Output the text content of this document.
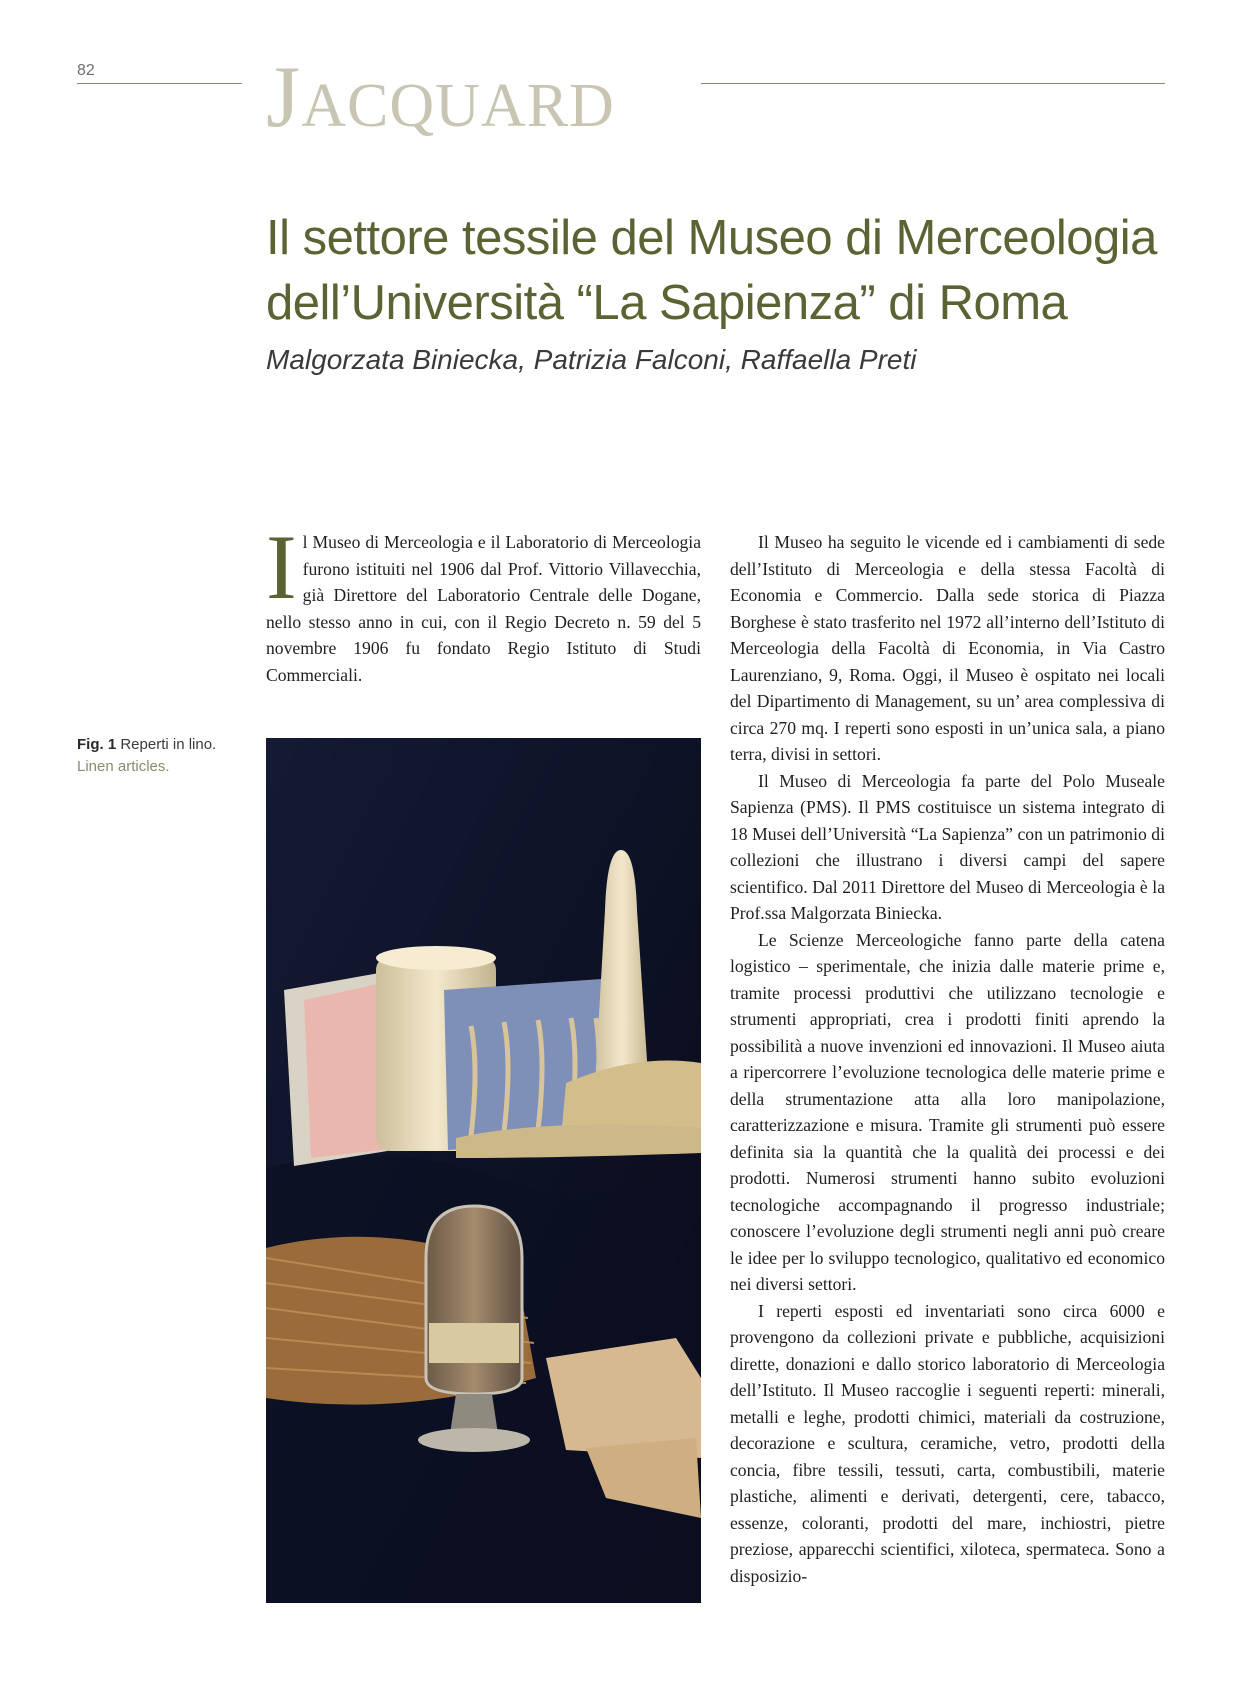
82 Jacquard
Il settore tessile del Museo di Merceologia
dell’Università “La Sapienza” di Roma

Malgorzata Biniecka, Patrizia Falconi, Raffaella Preti

Fig. 1 Reperti in lino.
Linen articles.

Il Museo di Merceologia e il Laboratorio di Merceologia furono istituiti nel 1906 dal Prof. Vittorio Villavecchia, già Direttore del Laboratorio Centrale delle Dogane, nello stesso anno in cui, con il Regio Decreto n. 59 del 5 novembre 1906 fu fondato Regio Istituto di Studi Commerciali.

Il Museo ha seguito le vicende ed i cambiamenti di sede dell’Istituto di Merceologia e della stessa Facoltà di Economia e Commercio. Dalla sede storica di Piazza Borghese è stato trasferito nel 1972 all’interno dell’Istituto di Merceologia della Facoltà di Economia, in Via Castro Laurenziano, 9, Roma. Oggi, il Museo è ospitato nei locali del Dipartimento di Management, su un’ area complessiva di circa 270 mq. I reperti sono esposti in un’unica sala, a piano terra, divisi in settori.

Il Museo di Merceologia fa parte del Polo Museale Sapienza (PMS). Il PMS costituisce un sistema integrato di 18 Musei dell’Università “La Sapienza” con un patrimonio di collezioni che illustrano i diversi campi del sapere scientifico. Dal 2011 Direttore del Museo di Merceologia è la Prof.ssa Malgorzata Biniecka.

Le Scienze Merceologiche fanno parte della catena logistico – sperimentale, che inizia dalle materie prime e, tramite processi produttivi che utilizzano tecnologie e strumenti appropriati, crea i prodotti finiti aprendo la possibilità a nuove invenzioni ed innovazioni. Il Museo aiuta a ripercorrere l’evoluzione tecnologica delle materie prime e della strumentazione atta alla loro manipolazione, caratterizzazione e misura. Tramite gli strumenti può essere definita sia la quantità che la qualità dei processi e dei prodotti. Numerosi strumenti hanno subito evoluzioni tecnologiche accompagnando il progresso industriale; conoscere l’evoluzione degli strumenti negli anni può creare le idee per lo sviluppo tecnologico, qualitativo ed economico nei diversi settori.

I reperti esposti ed inventariati sono circa 6000 e provengono da collezioni private e pubbliche, acquisizioni dirette, donazioni e dallo storico laboratorio di Merceologia dell’Istituto. Il Museo raccoglie i seguenti reperti: minerali, metalli e leghe, prodotti chimici, materiali da costruzione, decorazione e scultura, ceramiche, vetro, prodotti della concia, fibre tessili, tessuti, carta, combustibili, materie plastiche, alimenti e derivati, detergenti, cere, tabacco, essenze, coloranti, prodotti del mare, inchiostri, pietre preziose, apparecchi scientifici, xiloteca, spermateca. Sono a disposizio-
